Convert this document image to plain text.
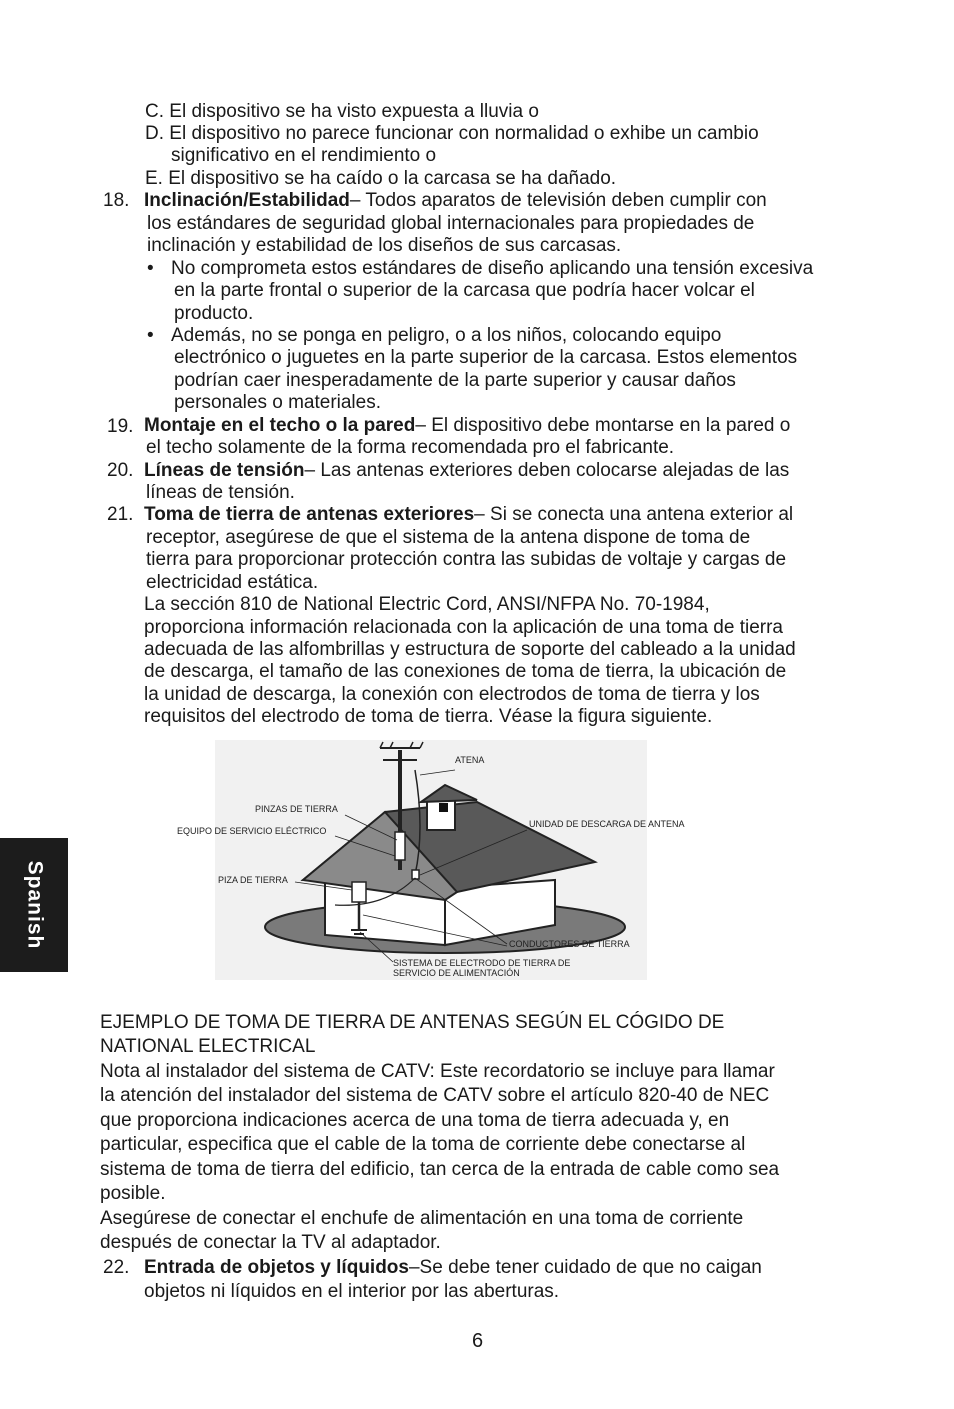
Spanish
C. El dispositivo se ha visto expuesta a lluvia o
D. El dispositivo no parece funcionar con normalidad o exhibe un cambio
significativo en el rendimiento o
E. El dispositivo se ha caído o la carcasa se ha dañado.
18. Inclinación/Estabilidad– Todos aparatos de televisión deben cumplir con
los estándares de seguridad global internacionales para propiedades de
inclinación y estabilidad de los diseños de sus carcasas.
• No comprometa estos estándares de diseño aplicando una tensión excesiva
en la parte frontal o superior de la carcasa que podría hacer volcar el
producto.
• Además, no se ponga en peligro, o a los niños, colocando equipo
electrónico o juguetes en la parte superior de la carcasa. Estos elementos
podrían caer inesperadamente de la parte superior y causar daños
personales o materiales.
19. Montaje en el techo o la pared– El dispositivo debe montarse en la pared o
el techo solamente de la forma recomendada pro el fabricante.
20. Líneas de tensión– Las antenas exteriores deben colocarse alejadas de las
líneas de tensión.
21. Toma de tierra de antenas exteriores– Si se conecta una antena exterior al
receptor, asegúrese de que el sistema de la antena dispone de toma de
tierra para proporcionar protección contra las subidas de voltaje y cargas de
electricidad estática.
La sección 810 de National Electric Cord, ANSI/NFPA No. 70-1984,
proporciona información relacionada con la aplicación de una toma de tierra
adecuada de las alfombrillas y estructura de soporte del cableado a la unidad
de descarga, el tamaño de las conexiones de toma de tierra, la ubicación de
la unidad de descarga, la conexión con electrodos de toma de tierra y los
requisitos del electrodo de toma de tierra. Véase la figura siguiente.
ATENA
PINZAS DE TIERRA
EQUIPO DE SERVICIO ELÉCTRICO
UNIDAD DE DESCARGA DE ANTENA
PIZA DE TIERRA
CONDUCTORES DE TIERRA
SISTEMA DE ELECTRODO DE TIERRA DE
SERVICIO DE ALIMENTACIÓN
EJEMPLO DE TOMA DE TIERRA DE ANTENAS SEGÚN EL CÓGIDO DE
NATIONAL ELECTRICAL
Nota al instalador del sistema de CATV: Este recordatorio se incluye para llamar
la atención del instalador del sistema de CATV sobre el artículo 820-40 de NEC
que proporciona indicaciones acerca de una toma de tierra adecuada y, en
particular, especifica que el cable de la toma de corriente debe conectarse al
sistema de toma de tierra del edificio, tan cerca de la entrada de cable como sea
posible.
Asegúrese de conectar el enchufe de alimentación en una toma de corriente
después de conectar la TV al adaptador.
22. Entrada de objetos y líquidos–Se debe tener cuidado de que no caigan
objetos ni líquidos en el interior por las aberturas.
6
